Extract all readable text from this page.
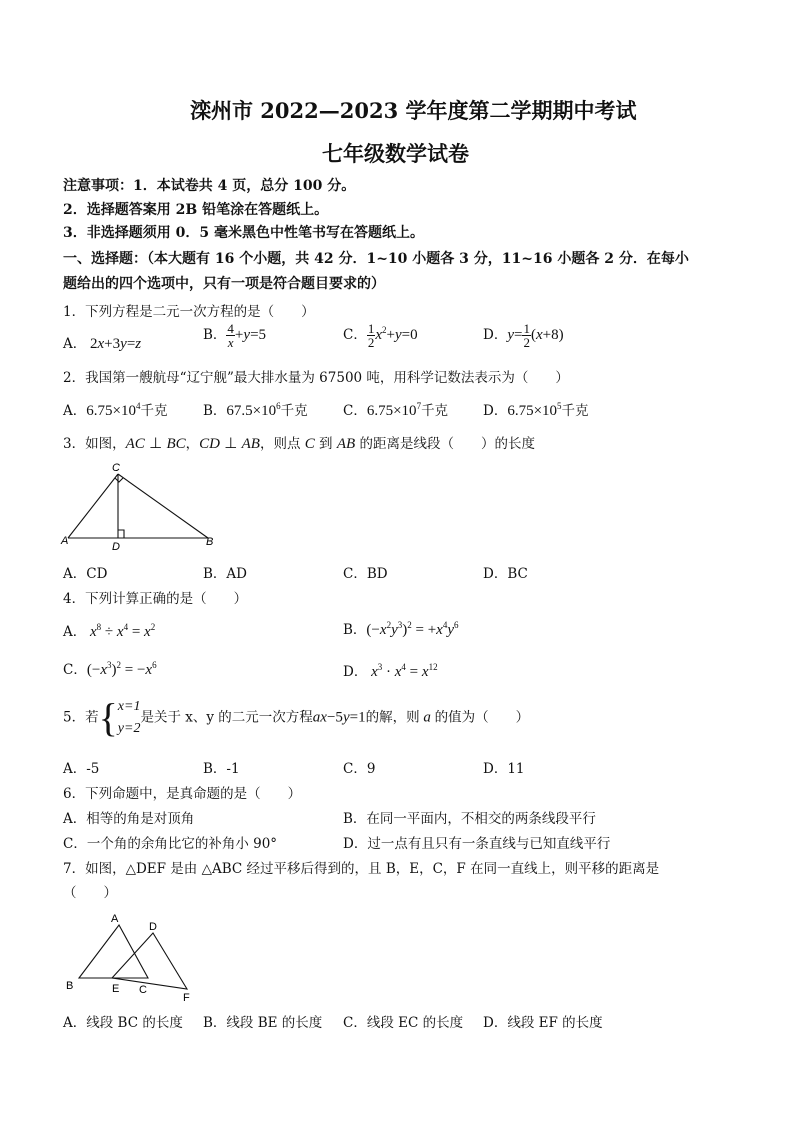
滦州市 2022—2023 学年度第二学期期中考试
七年级数学试卷
注意事项：1．本试卷共 4 页，总分 100 分。
2．选择题答案用 2B 铅笔涂在答题纸上。
3．非选择题须用 0．5 毫米黑色中性笔书写在答题纸上。
一、选择题：（本大题有 16 个小题，共 42 分．1~10 小题各 3 分，11~16 小题各 2 分．在每小
题给出的四个选项中，只有一项是符合题目要求的）
1．下列方程是二元一次方程的是（　　）
A． 2x+3y=z
B． $\frac{4}{x} +y=5$	C． $\frac{1}{2} x^2+y=0$	D．$y= \frac{1}{2} (x+8)$
2．我国第一艘航母“辽宁舰”最大排水量为 67500 吨，用科学记数法表示为（　　）
A．$6.75\times 10^4$千克	B．$67.5\times 10^6$千克	C．$6.75\times 10^7$千克	D．$6.75\times 10^5$千克
3．如图，AC ⊥ BC，CD ⊥ AB，则点 C 到 AB 的距离是线段（　　）的长度
C
A	D	B
A．CD	B．AD	C．BD	D．BC
4．下列计算正确的是（　　）
A． $x^8 \div x^4 = x^2$	B．$(-x^2y^3)^2 = +x^4y^6$
C．$(-x^3)^2 = -x^6$	D． $x^3 \cdot x^4 = x^{12}$
5．若{x=1
y=2是关于 x、y 的二元一次方程ax−5y=1的解，则 a 的值为（　　）
A．-5	B．-1	C．9	D．11
6．下列命题中，是真命题的是（　　）
A．相等的角是对顶角	B．在同一平面内，不相交的两条线段平行
C．一个角的余角比它的补角小 90°	D．过一点有且只有一条直线与已知直线平行
7．如图，△DEF 是由 △ABC 经过平移后得到的，且 B，E，C，F 在同一直线上，则平移的距离是
（　　）
A
D
B	E C
F
A．线段 BC 的长度 B．线段 BE 的长度 C．线段 EC 的长度 D．线段 EF 的长度
